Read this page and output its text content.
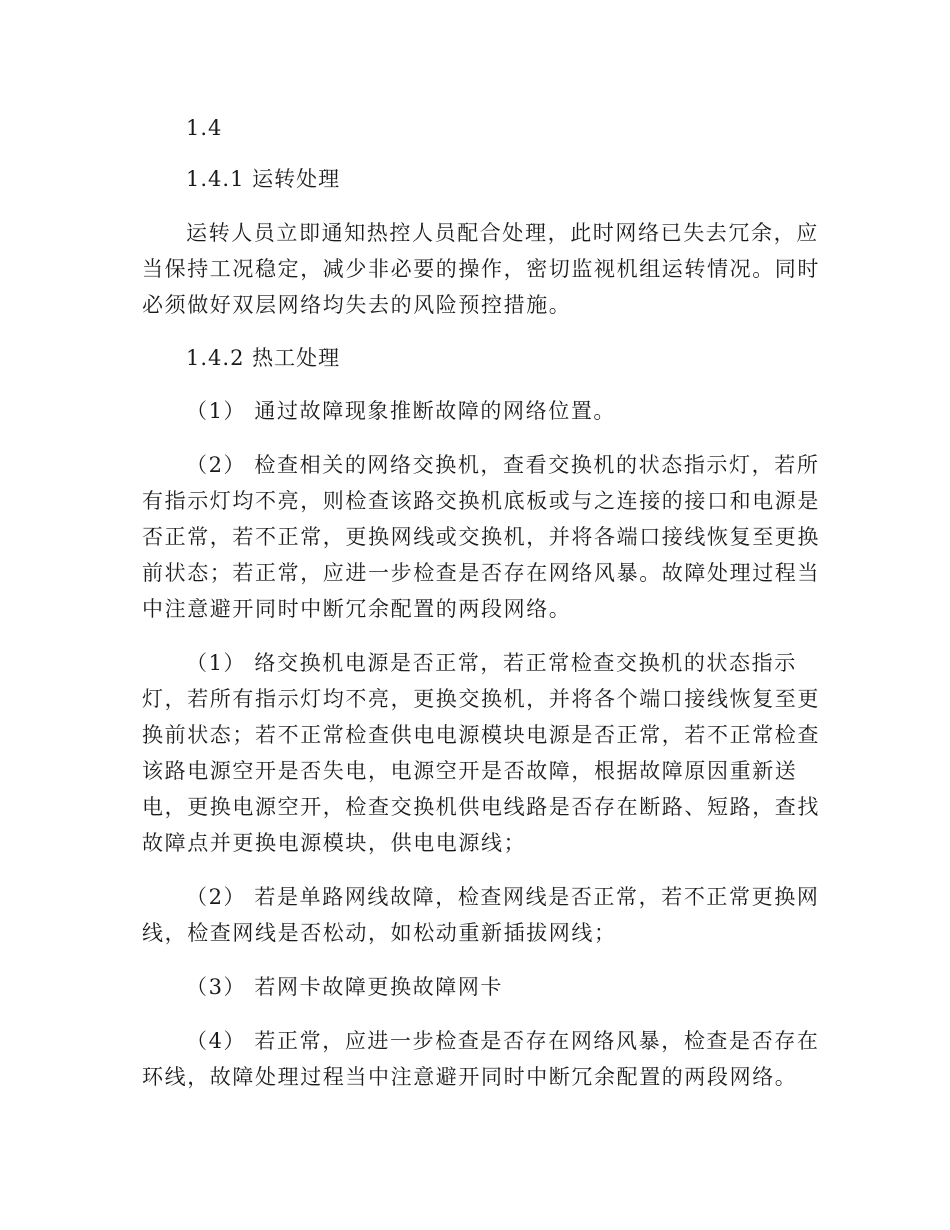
1.4
1.4.1 运转处理
运转人员立即通知热控人员配合处理，此时网络已失去冗余，应
当保持工况稳定，减少非必要的操作，密切监视机组运转情况。同时
必须做好双层网络均失去的风险预控措施。
1.4.2 热工处理
（1） 通过故障现象推断故障的网络位置。
（2） 检查相关的网络交换机，查看交换机的状态指示灯，若所
有指示灯均不亮，则检查该路交换机底板或与之连接的接口和电源是
否正常，若不正常，更换网线或交换机，并将各端口接线恢复至更换
前状态；若正常，应进一步检查是否存在网络风暴。故障处理过程当
中注意避开同时中断冗余配置的两段网络。
（1） 络交换机电源是否正常，若正常检查交换机的状态指示
灯，若所有指示灯均不亮，更换交换机，并将各个端口接线恢复至更
换前状态；若不正常检查供电电源模块电源是否正常，若不正常检查
该路电源空开是否失电，电源空开是否故障，根据故障原因重新送
电，更换电源空开，检查交换机供电线路是否存在断路、短路，查找
故障点并更换电源模块，供电电源线；
（2） 若是单路网线故障，检查网线是否正常，若不正常更换网
线，检查网线是否松动，如松动重新插拔网线；
（3） 若网卡故障更换故障网卡
（4） 若正常，应进一步检查是否存在网络风暴，检查是否存在
环线，故障处理过程当中注意避开同时中断冗余配置的两段网络。
